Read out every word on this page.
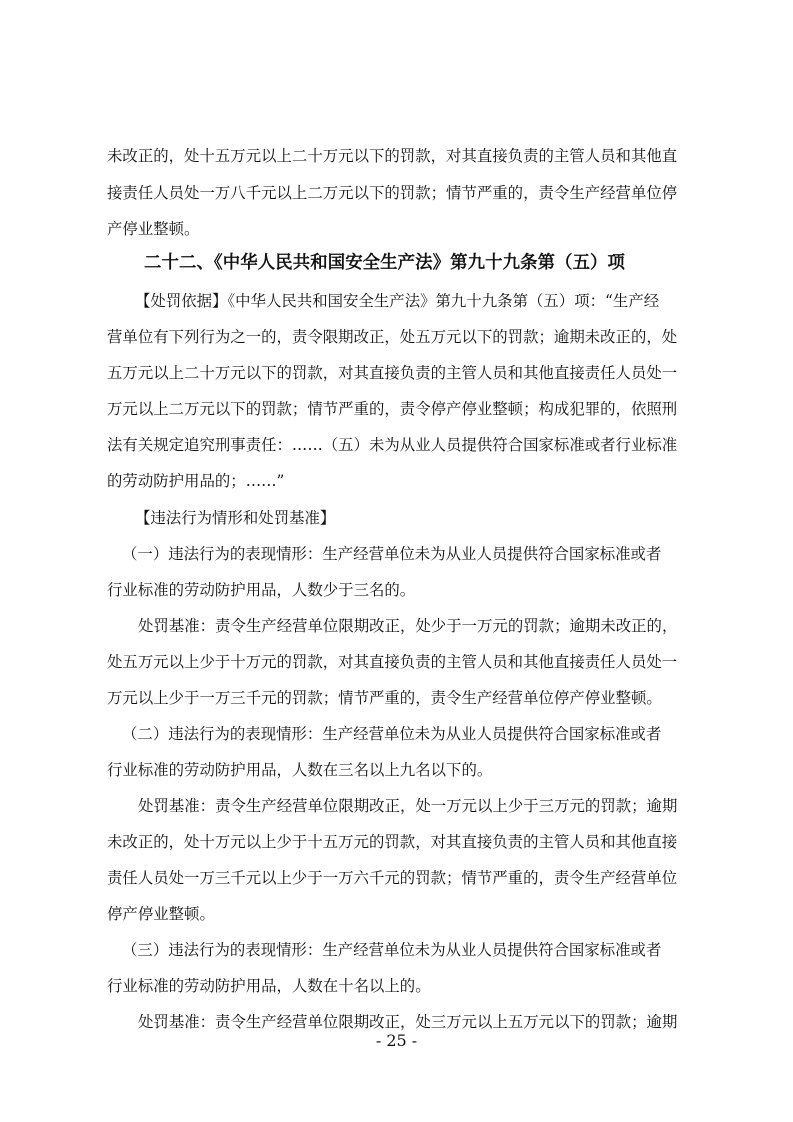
未改正的，处十五万元以上二十万元以下的罚款，对其直接负责的主管人员和其他直
接责任人员处一万八千元以上二万元以下的罚款；情节严重的，责令生产经营单位停
产停业整顿。
二十二、《中华人民共和国安全生产法》第九十九条第（五）项
【处罚依据】《中华人民共和国安全生产法》第九十九条第（五）项：“生产经
营单位有下列行为之一的，责令限期改正，处五万元以下的罚款；逾期未改正的，处
五万元以上二十万元以下的罚款，对其直接负责的主管人员和其他直接责任人员处一
万元以上二万元以下的罚款；情节严重的，责令停产停业整顿；构成犯罪的，依照刑
法有关规定追究刑事责任：……（五）未为从业人员提供符合国家标准或者行业标准
的劳动防护用品的；……”
【违法行为情形和处罚基准】
（一）违法行为的表现情形：生产经营单位未为从业人员提供符合国家标准或者
行业标准的劳动防护用品，人数少于三名的。
处罚基准：责令生产经营单位限期改正，处少于一万元的罚款；逾期未改正的，
处五万元以上少于十万元的罚款，对其直接负责的主管人员和其他直接责任人员处一
万元以上少于一万三千元的罚款；情节严重的，责令生产经营单位停产停业整顿。
（二）违法行为的表现情形：生产经营单位未为从业人员提供符合国家标准或者
行业标准的劳动防护用品，人数在三名以上九名以下的。
处罚基准：责令生产经营单位限期改正，处一万元以上少于三万元的罚款；逾期
未改正的，处十万元以上少于十五万元的罚款，对其直接负责的主管人员和其他直接
责任人员处一万三千元以上少于一万六千元的罚款；情节严重的，责令生产经营单位
停产停业整顿。
（三）违法行为的表现情形：生产经营单位未为从业人员提供符合国家标准或者
行业标准的劳动防护用品，人数在十名以上的。
处罚基准：责令生产经营单位限期改正，处三万元以上五万元以下的罚款；逾期
- 25 -
